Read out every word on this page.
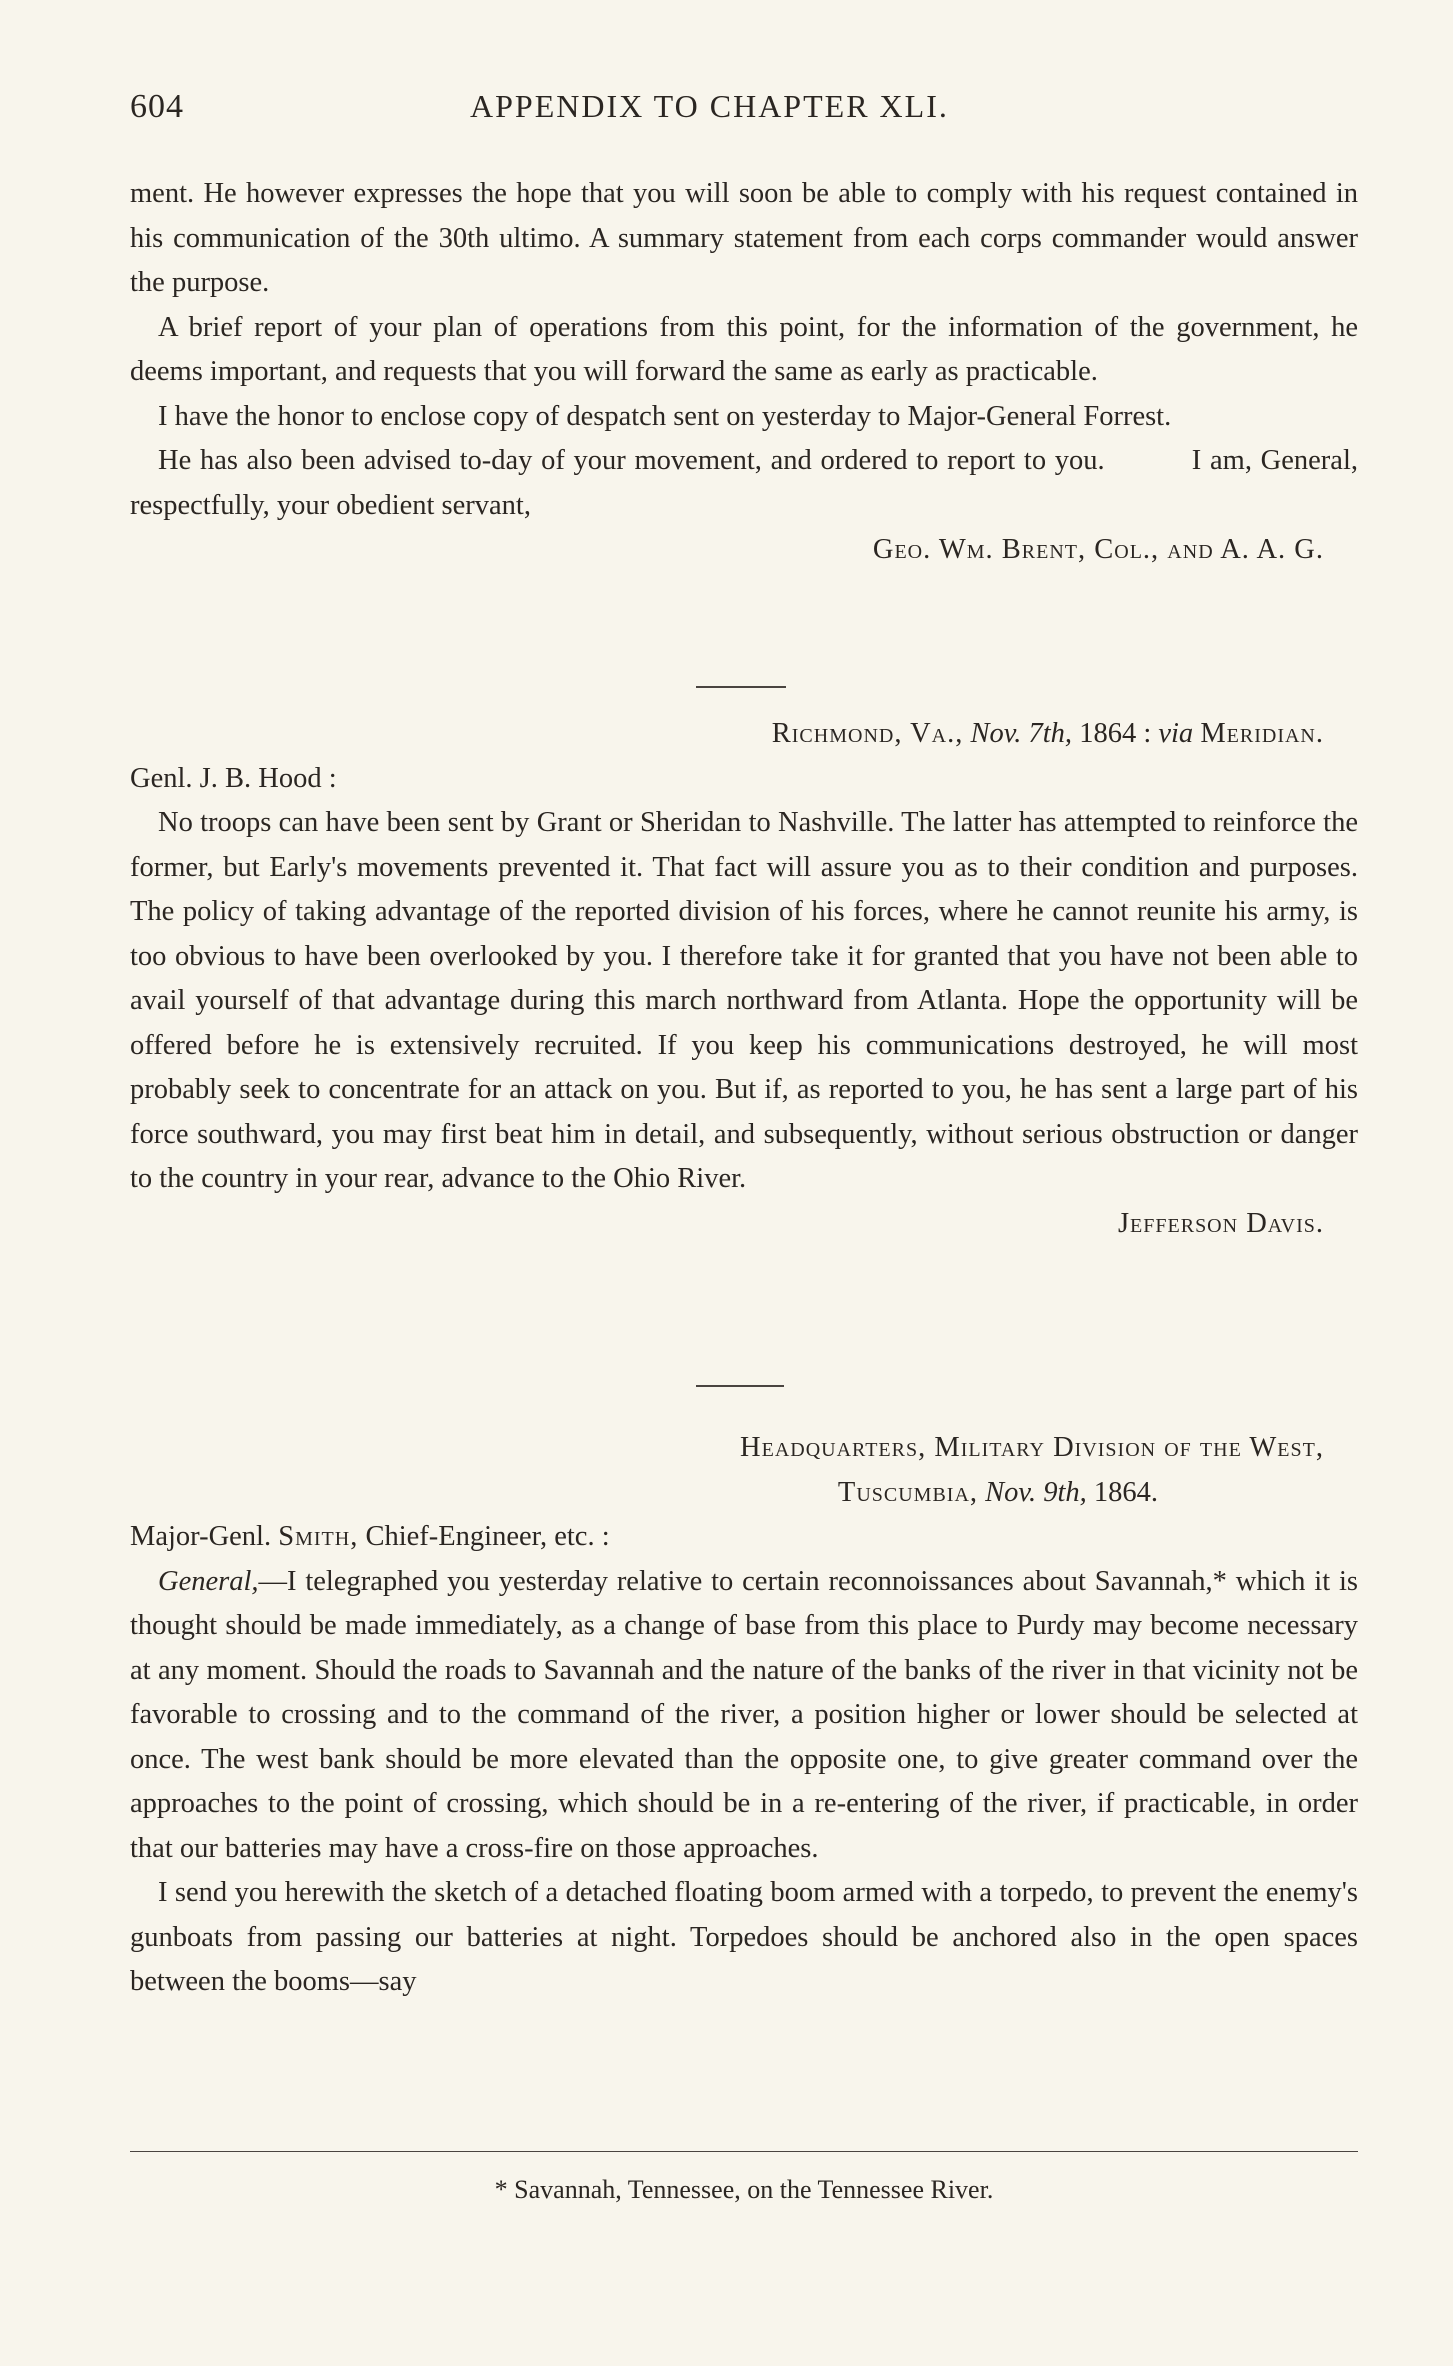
604	APPENDIX TO CHAPTER XLI.

ment. He however expresses the hope that you will soon be able to comply with his request contained in his communication of the 30th ultimo. A summary statement from each corps commander would answer the purpose.

A brief report of your plan of operations from this point, for the information of the government, he deems important, and requests that you will forward the same as early as practicable.

I have the honor to enclose copy of despatch sent on yesterday to Major-General Forrest.

He has also been advised to-day of your movement, and ordered to report to you.          I am, General, respectfully, your obedient servant,

Geo. Wm. Brent, Col., and A. A. G.

Richmond, Va., Nov. 7th, 1864 : via Meridian.

Genl. J. B. Hood :

No troops can have been sent by Grant or Sheridan to Nashville. The latter has attempted to reinforce the former, but Early's movements prevented it. That fact will assure you as to their condition and purposes. The policy of taking advantage of the reported division of his forces, where he cannot reunite his army, is too obvious to have been overlooked by you. I therefore take it for granted that you have not been able to avail yourself of that advantage during this march northward from Atlanta. Hope the opportunity will be offered before he is extensively recruited. If you keep his communications destroyed, he will most probably seek to concentrate for an attack on you. But if, as reported to you, he has sent a large part of his force southward, you may first beat him in detail, and subsequently, without serious obstruction or danger to the country in your rear, advance to the Ohio River.

Jefferson Davis.

Headquarters, Military Division of the West,

Tuscumbia, Nov. 9th, 1864.

Major-Genl. Smith, Chief-Engineer, etc. :

General,—I telegraphed you yesterday relative to certain reconnoissances about Savannah,* which it is thought should be made immediately, as a change of base from this place to Purdy may become necessary at any moment. Should the roads to Savannah and the nature of the banks of the river in that vicinity not be favorable to crossing and to the command of the river, a position higher or lower should be selected at once. The west bank should be more elevated than the opposite one, to give greater command over the approaches to the point of crossing, which should be in a re-entering of the river, if practicable, in order that our batteries may have a cross-fire on those approaches.

I send you herewith the sketch of a detached floating boom armed with a torpedo, to prevent the enemy's gunboats from passing our batteries at night. Torpedoes should be anchored also in the open spaces between the booms—say

* Savannah, Tennessee, on the Tennessee River.
